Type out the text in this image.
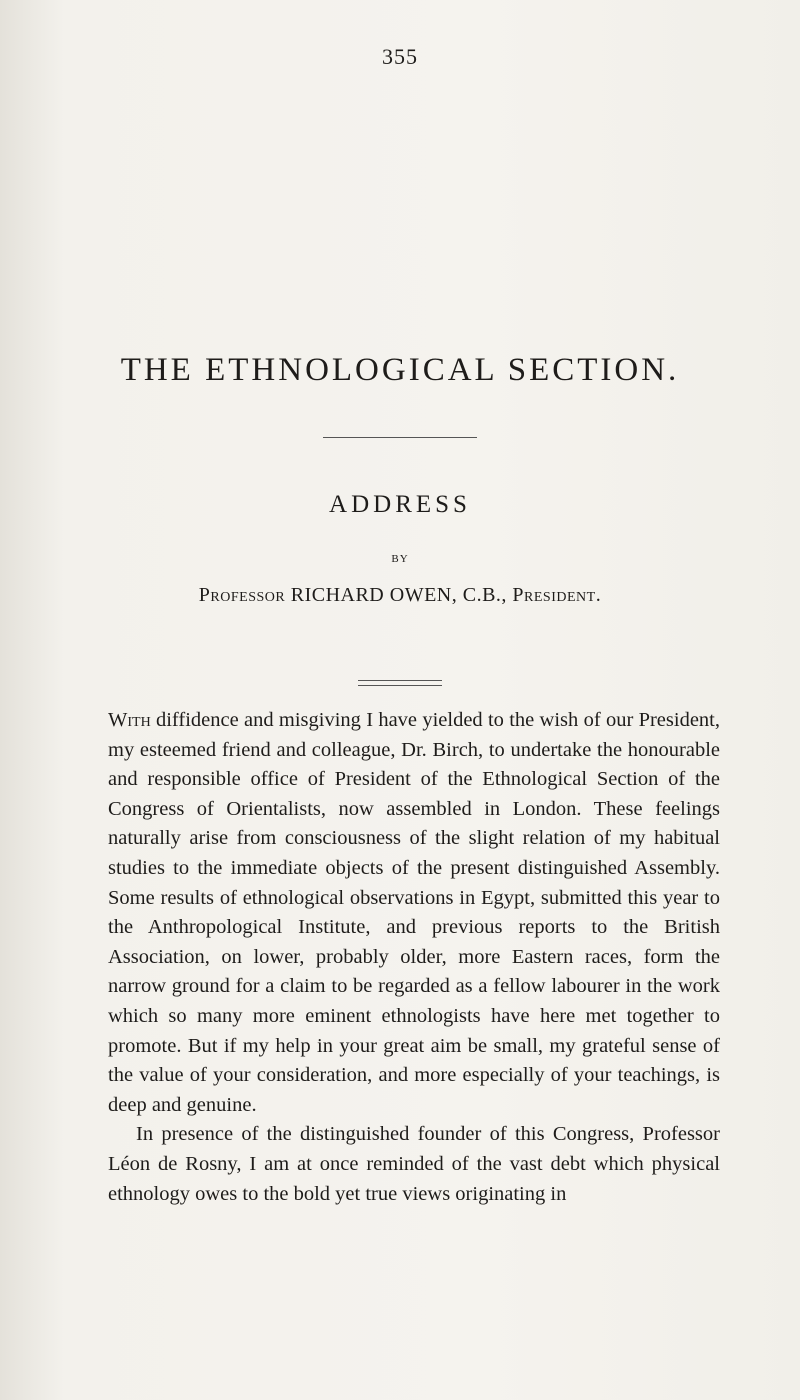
355
THE ETHNOLOGICAL SECTION.
ADDRESS
BY
Professor RICHARD OWEN, C.B., President.

With diffidence and misgiving I have yielded to the wish of our President, my esteemed friend and colleague, Dr. Birch, to undertake the honourable and responsible office of President of the Ethnological Section of the Congress of Orientalists, now assembled in London. These feelings naturally arise from consciousness of the slight relation of my habitual studies to the immediate objects of the present distinguished Assembly. Some results of ethnological observations in Egypt, submitted this year to the Anthropological Institute, and previous reports to the British Association, on lower, probably older, more Eastern races, form the narrow ground for a claim to be regarded as a fellow labourer in the work which so many more eminent ethnologists have here met together to promote. But if my help in your great aim be small, my grateful sense of the value of your consideration, and more especially of your teachings, is deep and genuine.

In presence of the distinguished founder of this Congress, Professor Léon de Rosny, I am at once reminded of the vast debt which physical ethnology owes to the bold yet true views originating in
